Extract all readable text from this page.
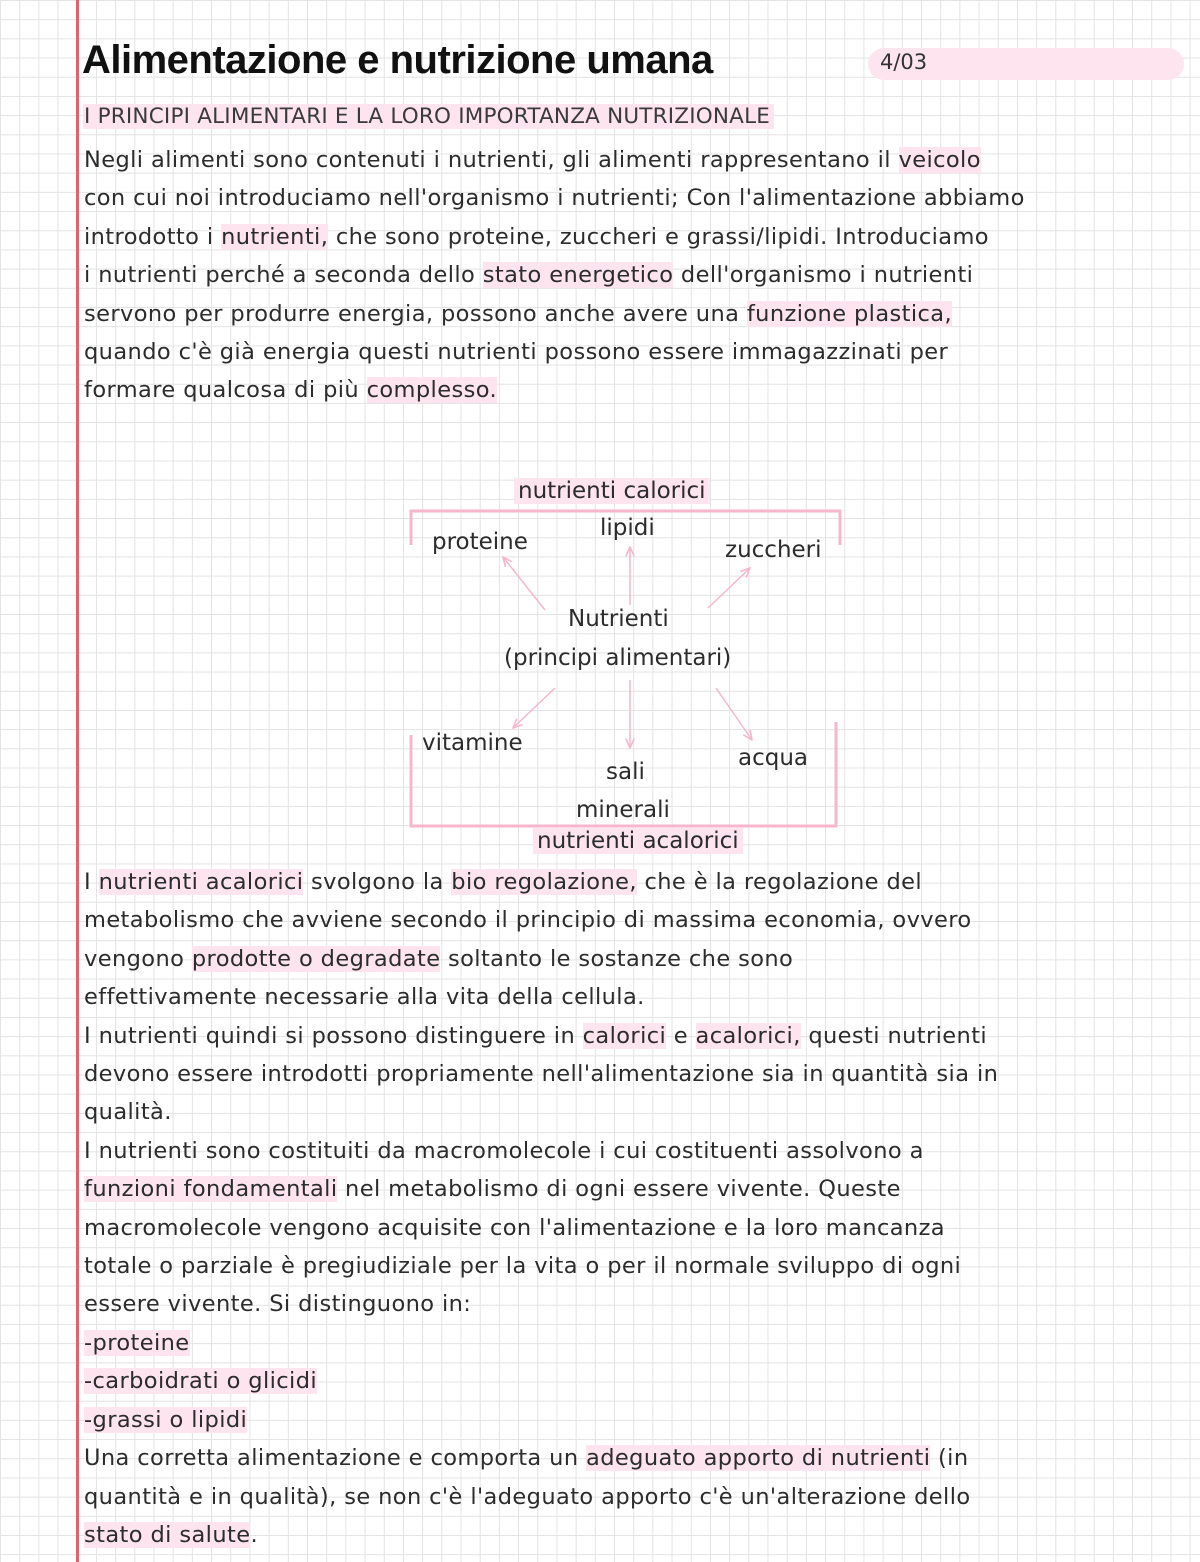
Alimentazione e nutrizione umana	4/03
I PRINCIPI ALIMENTARI E LA LORO IMPORTANZA NUTRIZIONALE
Negli alimenti sono contenuti i nutrienti, gli alimenti rappresentano il veicolo
con cui noi introduciamo nell'organismo i nutrienti; Con l'alimentazione abbiamo
introdotto i nutrienti, che sono proteine, zuccheri e grassi/lipidi. Introduciamo
i nutrienti perché a seconda dello stato energetico dell'organismo i nutrienti
servono per produrre energia, possono anche avere una funzione plastica,
quando c'è già energia questi nutrienti possono essere immagazzinati per
formare qualcosa di più complesso.
nutrienti calorici
proteine
lipidi
zuccheri
Nutrienti
(principi alimentari)
vitamine
sali
acqua
minerali
nutrienti acalorici
I nutrienti acalorici svolgono la bio regolazione, che è la regolazione del
metabolismo che avviene secondo il principio di massima economia, ovvero
vengono prodotte o degradate soltanto le sostanze che sono
effettivamente necessarie alla vita della cellula.
I nutrienti quindi si possono distinguere in calorici e acalorici, questi nutrienti
devono essere introdotti propriamente nell'alimentazione sia in quantità sia in
qualità.
I nutrienti sono costituiti da macromolecole i cui costituenti assolvono a
funzioni fondamentali nel metabolismo di ogni essere vivente. Queste
macromolecole vengono acquisite con l'alimentazione e la loro mancanza
totale o parziale è pregiudiziale per la vita o per il normale sviluppo di ogni
essere vivente. Si distinguono in:
-proteine
-carboidrati o glicidi
-grassi o lipidi
Una corretta alimentazione e comporta un adeguato apporto di nutrienti (in
quantità e in qualità), se non c'è l'adeguato apporto c'è un'alterazione dello
stato di salute.
